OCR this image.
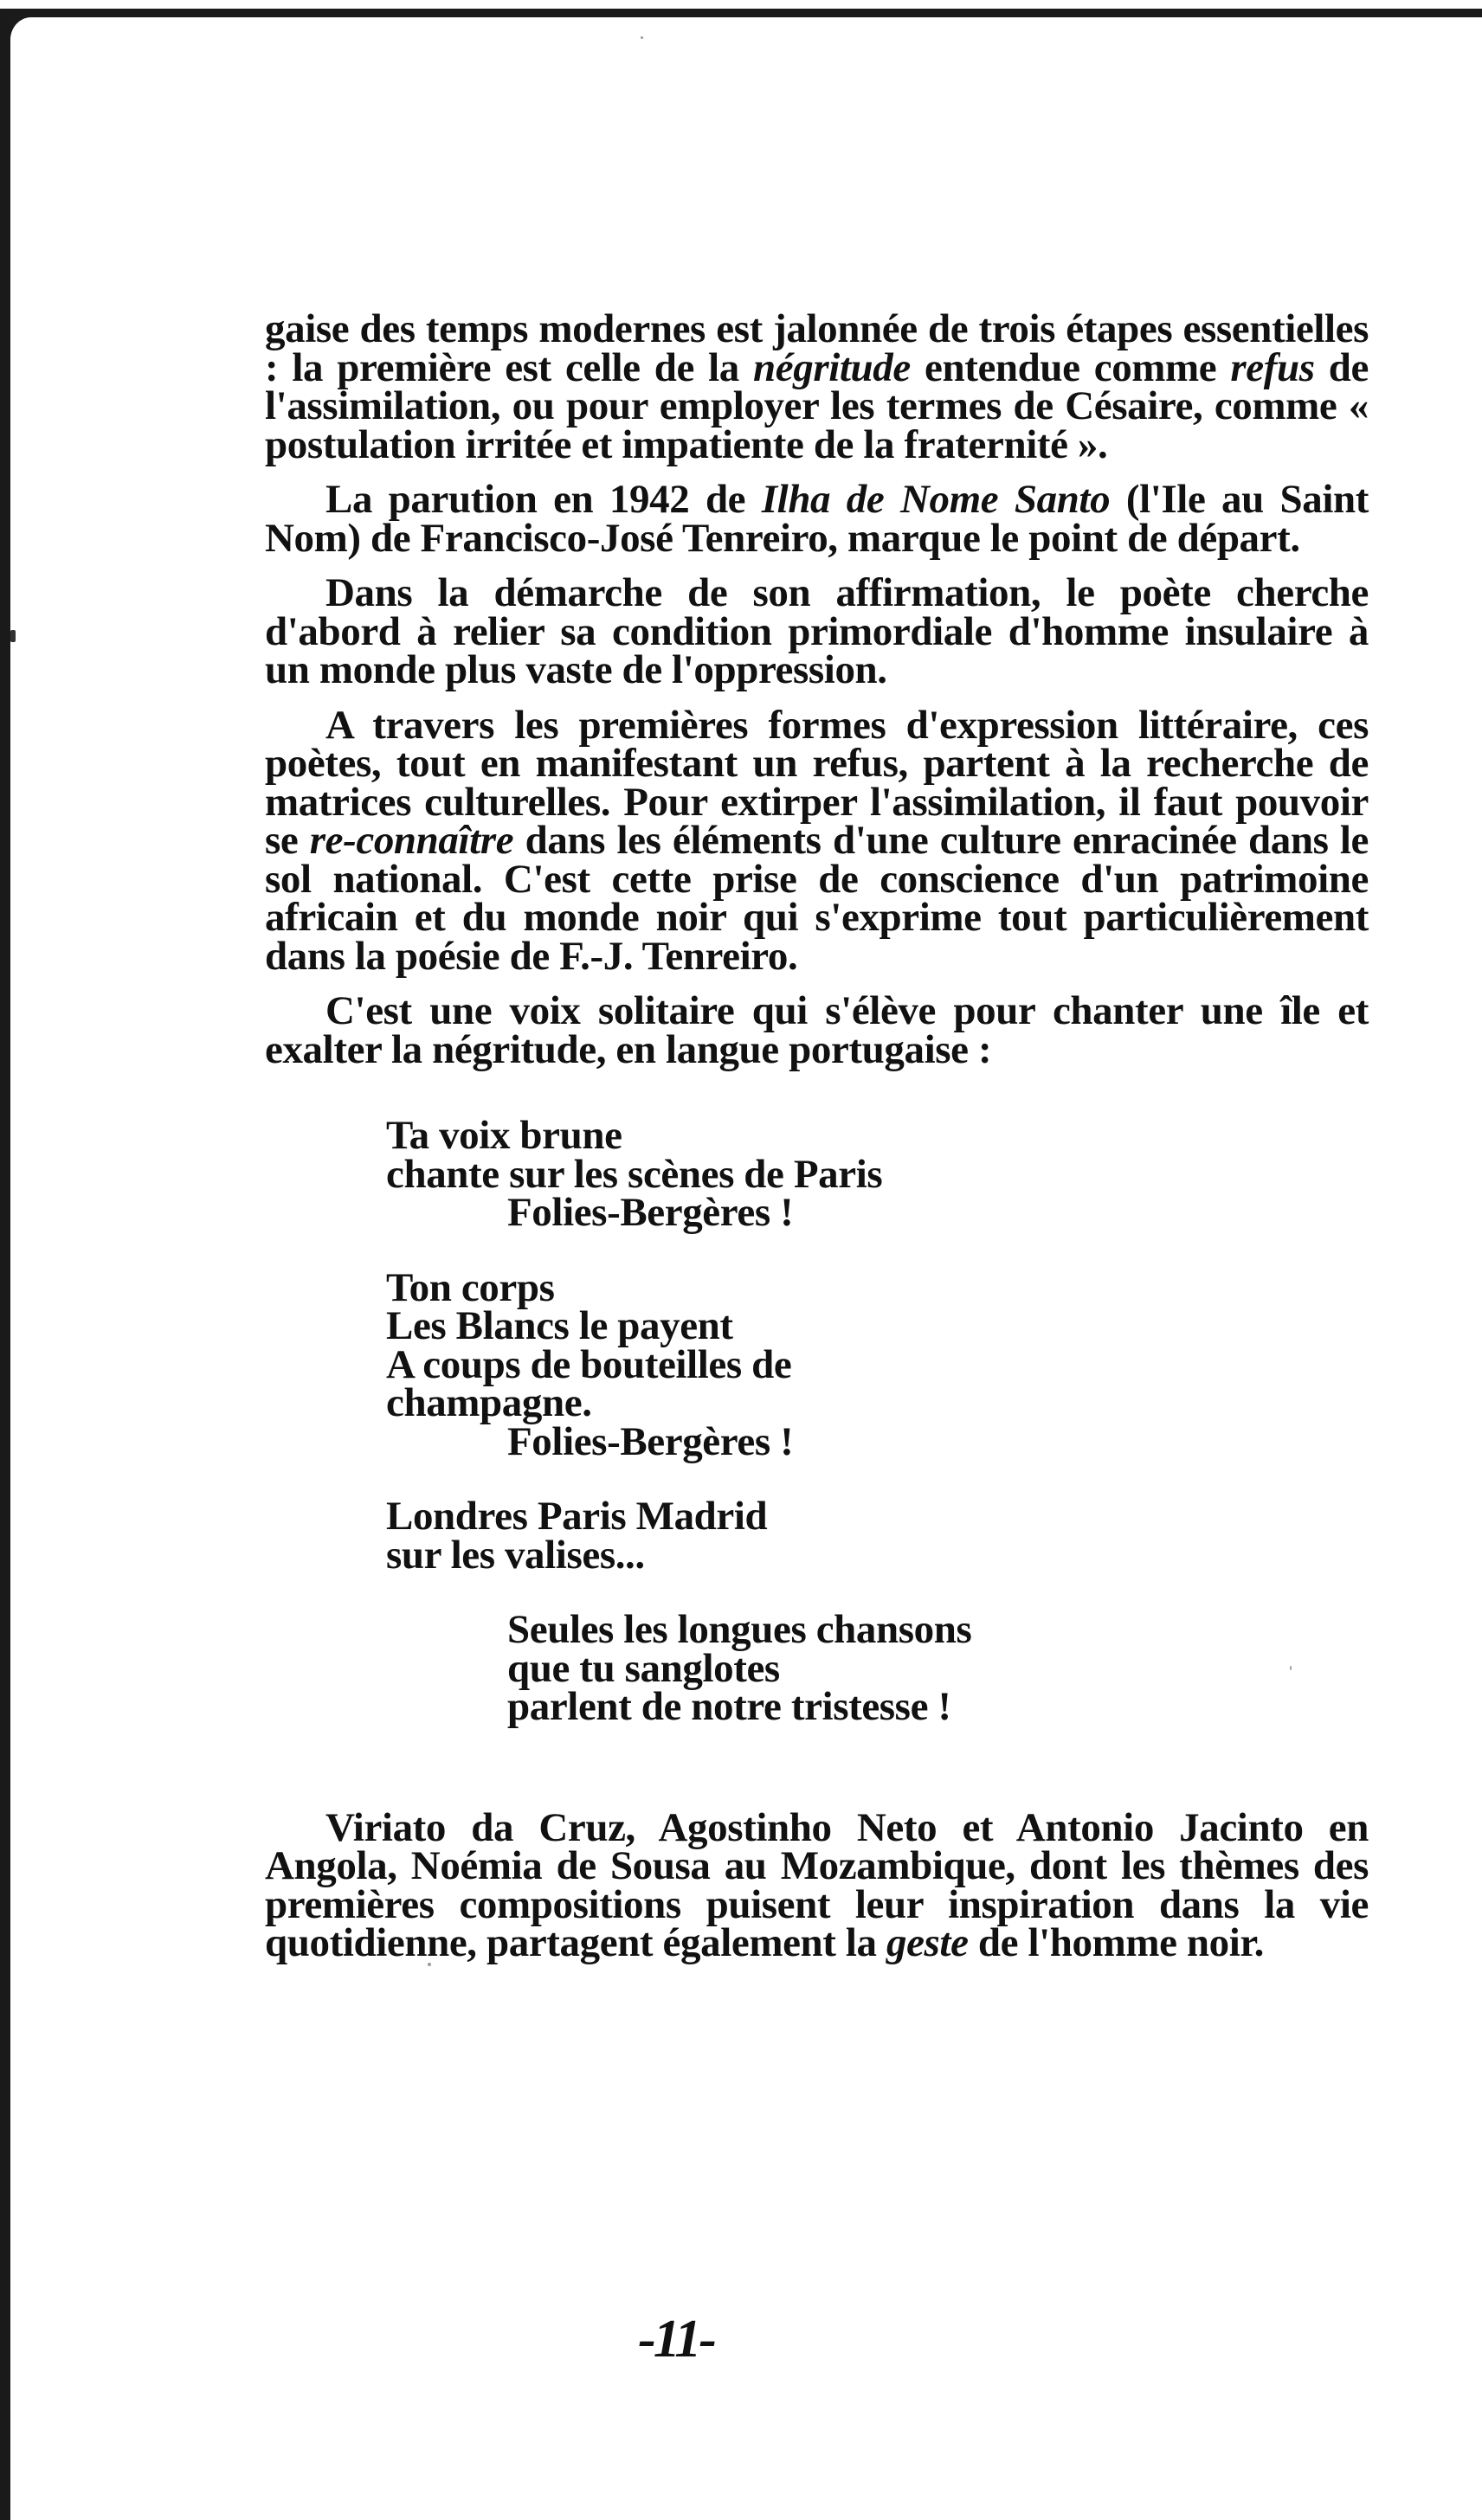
gaise des temps modernes est jalonnée de trois étapes essentielles : la première est celle de la négritude entendue comme refus de l'assimilation, ou pour employer les termes de Césaire, comme « postulation irritée et impatiente de la fraternité ».

La parution en 1942 de Ilha de Nome Santo (l'Ile au Saint Nom) de Francisco-José Tenreiro, marque le point de départ.

Dans la démarche de son affirmation, le poète cherche d'abord à relier sa condition primordiale d'homme insulaire à un monde plus vaste de l'oppression.

A travers les premières formes d'expression littéraire, ces poètes, tout en manifestant un refus, partent à la recherche de matrices culturelles. Pour extirper l'assimilation, il faut pouvoir se re-connaître dans les éléments d'une culture enracinée dans le sol national. C'est cette prise de conscience d'un patrimoine africain et du monde noir qui s'exprime tout particulièrement dans la poésie de F.-J. Tenreiro.

C'est une voix solitaire qui s'élève pour chanter une île et exalter la négritude, en langue portugaise :

Ta voix brune
chante sur les scènes de Paris
Folies-Bergères !
Ton corps
Les Blancs le payent
A coups de bouteilles de
champagne.
Folies-Bergères !
Londres Paris Madrid
sur les valises...
Seules les longues chansons
que tu sanglotes
parlent de notre tristesse !

Viriato da Cruz, Agostinho Neto et Antonio Jacinto en Angola, Noémia de Sousa au Mozambique, dont les thèmes des premières compositions puisent leur inspiration dans la vie quotidienne, partagent également la geste de l'homme noir.

-11-
